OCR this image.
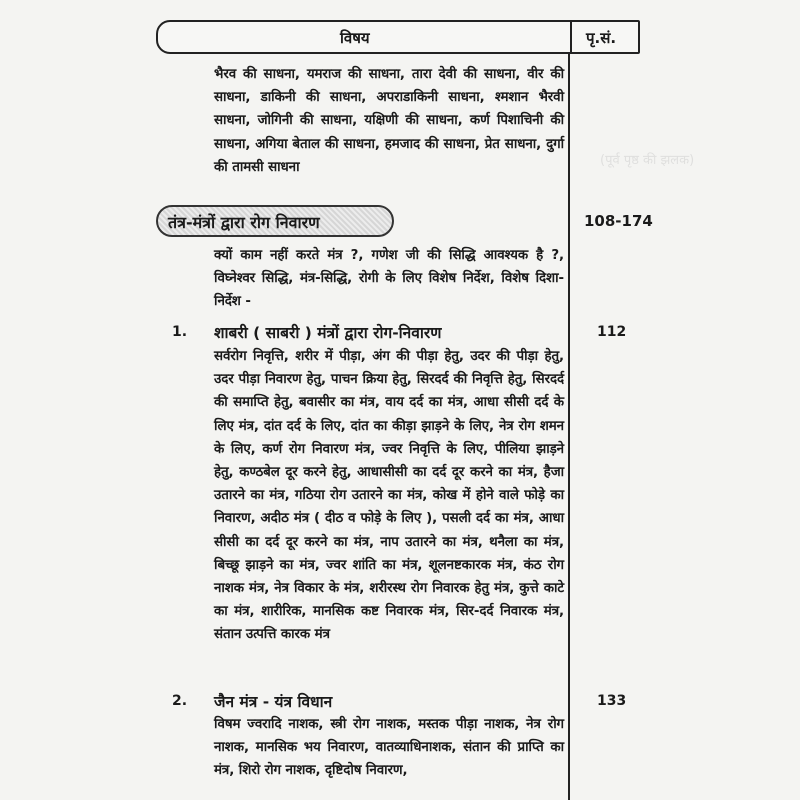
(पूर्व पृष्ठ की झलक)
विषय	पृ.सं.
भैरव की साधना, यमराज की साधना, तारा देवी की साधना, वीर की साधना, डाकिनी की साधना, अपराडाकिनी साधना, श्मशान भैरवी साधना, जोगिनी की साधना, यक्षिणी की साधना, कर्ण पिशाचिनी की साधना, अगिया बेताल की साधना, हमजाद की साधना, प्रेत साधना, दुर्गा की तामसी साधना
तंत्र-मंत्रों द्वारा रोग निवारण	108-174
क्यों काम नहीं करते मंत्र ?, गणेश जी की सिद्धि आवश्यक है ?, विघ्नेश्वर सिद्धि, मंत्र-सिद्धि, रोगी के लिए विशेष निर्देश, विशेष दिशा-निर्देश -
1. शाबरी ( साबरी ) मंत्रों द्वारा रोग-निवारण	112
सर्वरोग निवृत्ति, शरीर में पीड़ा, अंग की पीड़ा हेतु, उदर की पीड़ा हेतु, उदर पीड़ा निवारण हेतु, पाचन क्रिया हेतु, सिरदर्द की निवृत्ति हेतु, सिरदर्द की समाप्ति हेतु, बवासीर का मंत्र, वाय दर्द का मंत्र, आधा सीसी दर्द के लिए मंत्र, दांत दर्द के लिए, दांत का कीड़ा झाड़ने के लिए, नेत्र रोग शमन के लिए, कर्ण रोग निवारण मंत्र, ज्वर निवृत्ति के लिए, पीलिया झाड़ने हेतु, कण्ठबेल दूर करने हेतु, आधासीसी का दर्द दूर करने का मंत्र, हैजा उतारने का मंत्र, गठिया रोग उतारने का मंत्र, कोख में होने वाले फोड़े का निवारण, अदीठ मंत्र ( दीठ व फोड़े के लिए ), पसली दर्द का मंत्र, आधा सीसी का दर्द दूर करने का मंत्र, नाप उतारने का मंत्र, थनैला का मंत्र, बिच्छू झाड़ने का मंत्र, ज्वर शांति का मंत्र, शूलनष्टकारक मंत्र, कंठ रोग नाशक मंत्र, नेत्र विकार के मंत्र, शरीरस्थ रोग निवारक हेतु मंत्र, कुत्ते काटे का मंत्र, शारीरिक, मानसिक कष्ट निवारक मंत्र, सिर-दर्द निवारक मंत्र, संतान उत्पत्ति कारक मंत्र
2. जैन मंत्र - यंत्र विधान	133
विषम ज्वरादि नाशक, स्त्री रोग नाशक, मस्तक पीड़ा नाशक, नेत्र रोग नाशक, मानसिक भय निवारण, वातव्याधिनाशक, संतान की प्राप्ति का मंत्र, शिरो रोग नाशक, दृष्टिदोष निवारण,
